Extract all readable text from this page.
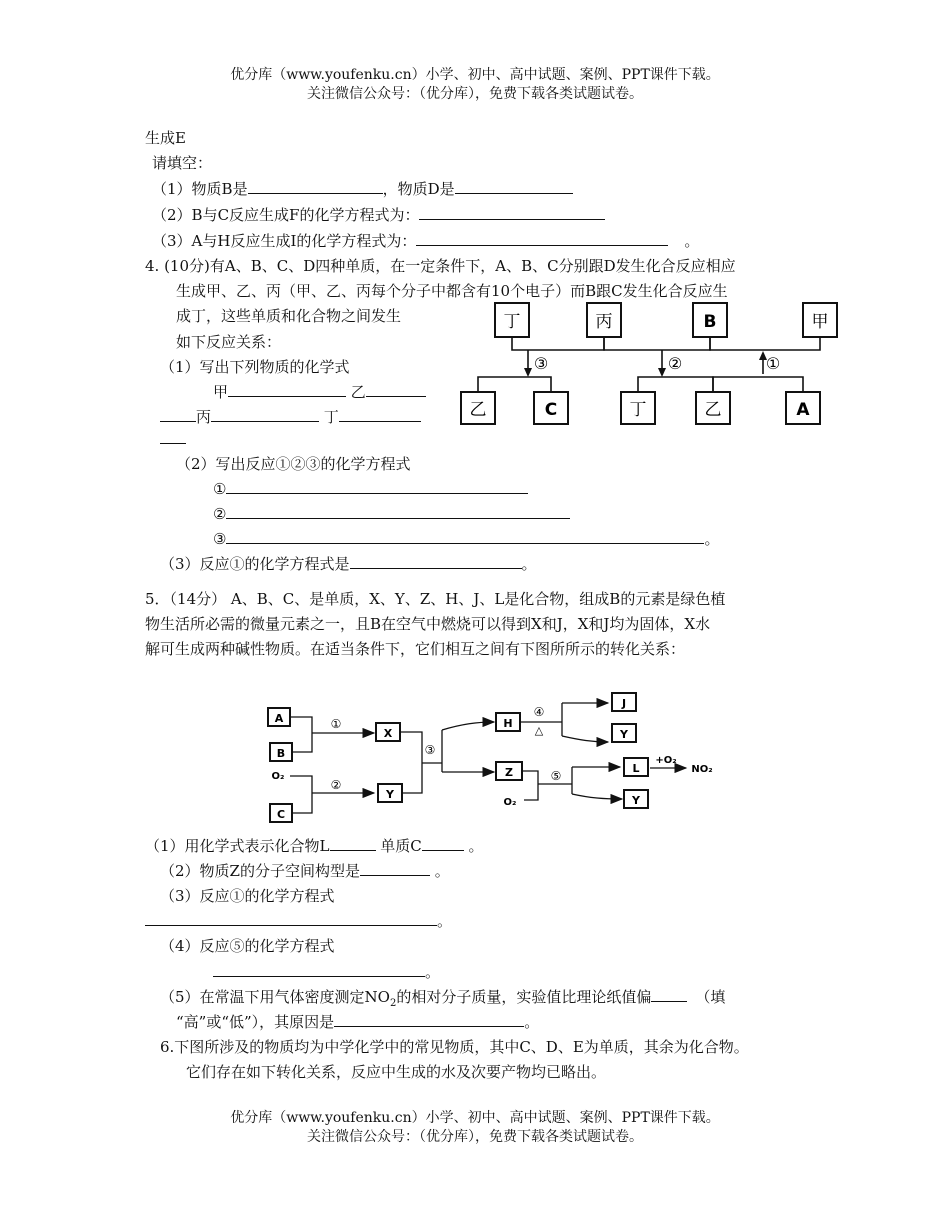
优分库（www.youfenku.cn）小学、初中、高中试题、案例、PPT课件下载。
关注微信公众号：（优分库），免费下载各类试题试卷。
生成E
请填空：
（1）物质B是	，物质D是
（2）B与C反应生成F的化学方程式为：
（3）A与H反应生成I的化学方程式为：	。
4. (10分)有A、B、C、D四种单质，在一定条件下，A、B、C分别跟D发生化合反应相应
生成甲、乙、丙（甲、乙、丙每个分子中都含有10个电子）而B跟C发生化合反应生
成丁，这些单质和化合物之间发生
如下反应关系：
（1）写出下列物质的化学式
甲	乙
丙	丁
丁	丙	B	甲
③	②	①
乙	C	丁	乙	A
（2）写出反应①②③的化学方程式
①
②
③	。
（3）反应①的化学方程式是	。
5．（14分） A、B、C、是单质，X、Y、Z、H、J、L是化合物，组成B的元素是绿色植
物生活所必需的微量元素之一，且B在空气中燃烧可以得到X和J，X和J均为固体，X水
解可生成两种碱性物质。在适当条件下，它们相互之间有下图所所示的转化关系：
A
B
①
X
O₂
C
②
Y
③
H
④
△
J
Y
Z
O₂
⑤
L
+O₂
NO₂
Y
（1）用化学式表示化合物L	单质C	。
（2）物质Z的分子空间构型是	。
（3）反应①的化学方程式
。
（4）反应⑤的化学方程式
。
（5）在常温下用气体密度测定$NO_2$的相对分子质量，实验值比理论纸值偏	（填
“高”或“低”），其原因是	。
6.下图所涉及的物质均为中学化学中的常见物质，其中C、D、E为单质，其余为化合物。
它们存在如下转化关系，反应中生成的水及次要产物均已略出。
优分库（www.youfenku.cn）小学、初中、高中试题、案例、PPT课件下载。
关注微信公众号：（优分库），免费下载各类试题试卷。
